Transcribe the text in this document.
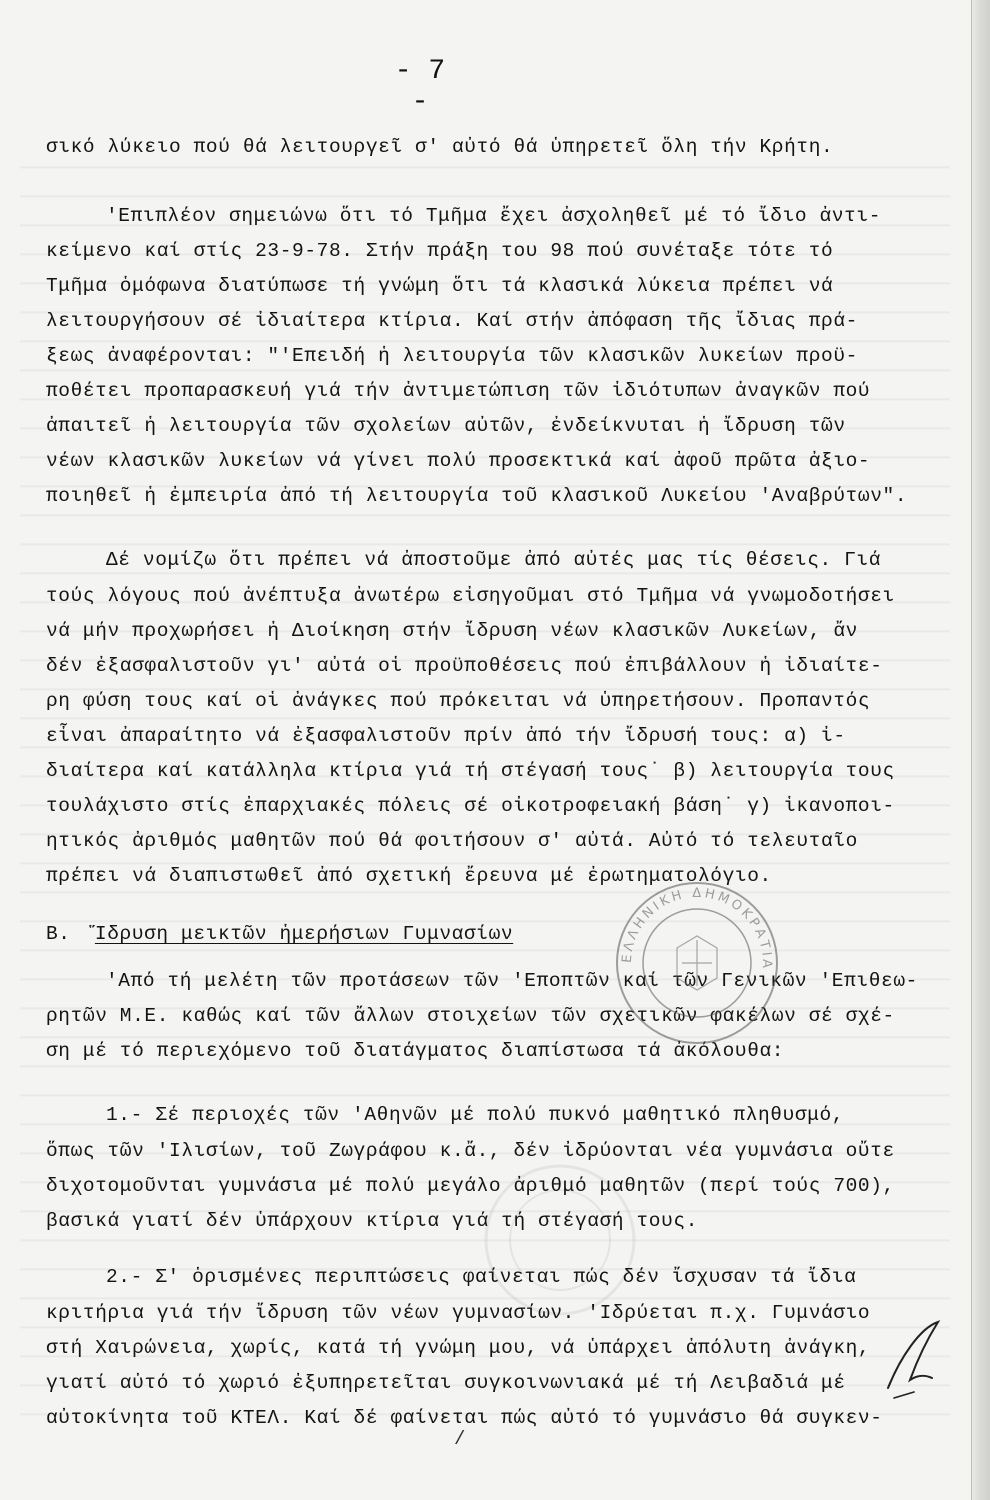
- 7 -

σικό λύκειο πού θά λειτουργεῖ σ' αὐτό θά ὑπηρετεῖ ὅλη τήν Κρήτη.

'Επιπλέον σημειώνω ὅτι τό Τμῆμα ἔχει ἀσχοληθεῖ μέ τό ἴδιο ἀντι-

κείμενο καί στίς 23-9-78. Στήν πράξη του 98 πού συνέταξε τότε τό

Τμῆμα ὁμόφωνα διατύπωσε τή γνώμη ὅτι τά κλασικά λύκεια πρέπει νά

λειτουργήσουν σέ ἰδιαίτερα κτίρια. Καί στήν ἀπόφαση τῆς ἴδιας πρά-

ξεως ἀναφέρονται: "'Επειδή ἡ λειτουργία τῶν κλασικῶν λυκείων προϋ-

ποθέτει προπαρασκευή γιά τήν ἀντιμετώπιση τῶν ἰδιότυπων ἀναγκῶν πού

ἀπαιτεῖ ἡ λειτουργία τῶν σχολείων αὐτῶν, ἐνδείκνυται ἡ ἴδρυση τῶν

νέων κλασικῶν λυκείων νά γίνει πολύ προσεκτικά καί ἀφοῦ πρῶτα ἀξιο-

ποιηθεῖ ἡ ἐμπειρία ἀπό τή λειτουργία τοῦ κλασικοῦ Λυκείου 'Αναβρύτων".

Δέ νομίζω ὅτι πρέπει νά ἀποστοῦμε ἀπό αὐτές μας τίς θέσεις. Γιά

τούς λόγους πού ἀνέπτυξα ἀνωτέρω εἰσηγοῦμαι στό Τμῆμα νά γνωμοδοτήσει

νά μήν προχωρήσει ἡ Διοίκηση στήν ἴδρυση νέων κλασικῶν Λυκείων, ἄν

δέν ἐξασφαλιστοῦν γι' αὐτά οἱ προϋποθέσεις πού ἐπιβάλλουν ἡ ἰδιαίτε-

ρη φύση τους καί οἱ ἀνάγκες πού πρόκειται νά ὑπηρετήσουν. Προπαντός

εἶναι ἀπαραίτητο νά ἐξασφαλιστοῦν πρίν ἀπό τήν ἴδρυσή τους: α) ἰ-

διαίτερα καί κατάλληλα κτίρια γιά τή στέγασή τους˙ β) λειτουργία τους

τουλάχιστο στίς ἐπαρχιακές πόλεις σέ οἰκοτροφειακή βάση˙ γ) ἱκανοποι-

ητικός ἀριθμός μαθητῶν πού θά φοιτήσουν σ' αὐτά. Αὐτό τό τελευταῖο

πρέπει νά διαπιστωθεῖ ἀπό σχετική ἔρευνα μέ ἐρωτηματολόγιο.

Β. Ἵδρυση μεικτῶν ἡμερήσιων Γυμνασίων

'Από τή μελέτη τῶν προτάσεων τῶν 'Εποπτῶν καί τῶν Γενικῶν 'Επιθεω-

ρητῶν Μ.Ε. καθώς καί τῶν ἄλλων στοιχείων τῶν σχετικῶν φακέλων σέ σχέ-

ση μέ τό περιεχόμενο τοῦ διατάγματος διαπίστωσα τά ἀκόλουθα:

1.- Σέ περιοχές τῶν 'Αθηνῶν μέ πολύ πυκνό μαθητικό πληθυσμό,

ὅπως τῶν 'Ιλισίων, τοῦ Ζωγράφου κ.ἄ., δέν ἰδρύονται νέα γυμνάσια οὔτε

διχοτομοῦνται γυμνάσια μέ πολύ μεγάλο ἀριθμό μαθητῶν (περί τούς 700),

βασικά γιατί δέν ὑπάρχουν κτίρια γιά τή στέγασή τους.

2.- Σ' ὁρισμένες περιπτώσεις φαίνεται πώς δέν ἴσχυσαν τά ἴδια

κριτήρια γιά τήν ἴδρυση τῶν νέων γυμνασίων. 'Ιδρύεται π.χ. Γυμνάσιο

στή Χαιρώνεια, χωρίς, κατά τή γνώμη μου, νά ὑπάρχει ἀπόλυτη ἀνάγκη,

γιατί αὐτό τό χωριό ἐξυπηρετεῖται συγκοινωνιακά μέ τή Λειβαδιά μέ

αὐτοκίνητα τοῦ ΚΤΕΛ. Καί δέ φαίνεται πώς αὐτό τό γυμνάσιο θά συγκεν-

/
ΕΛΛΗΝΙΚΗ ΔΗΜΟΚΡΑΤΙΑ
